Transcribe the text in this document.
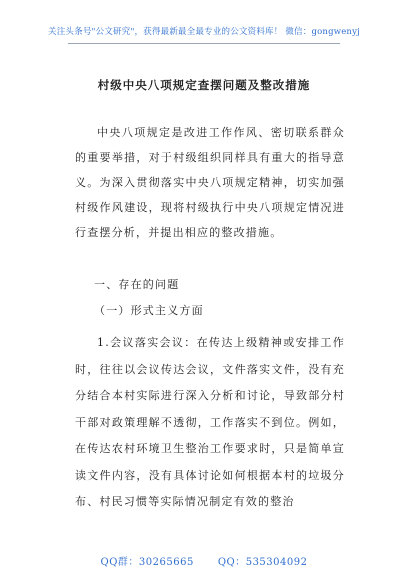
关注头条号"公文研究"，获得最新最全最专业的公文资料库！ 微信：gongwenyj
村级中央八项规定查摆问题及整改措施

中央八项规定是改进工作作风、密切联系群众的重要举措，对于村级组织同样具有重大的指导意义。为深入贯彻落实中央八项规定精神，切实加强村级作风建设，现将村级执行中央八项规定情况进行查摆分析，并提出相应的整改措施。

一、存在的问题
（一）形式主义方面

1.会议落实会议：在传达上级精神或安排工作时，往往以会议传达会议，文件落实文件，没有充分结合本村实际进行深入分析和讨论，导致部分村干部对政策理解不透彻，工作落实不到位。例如，在传达农村环境卫生整治工作要求时，只是简单宣读文件内容，没有具体讨论如何根据本村的垃圾分布、村民习惯等实际情况制定有效的整治

QQ群：30265665 QQ：535304092
